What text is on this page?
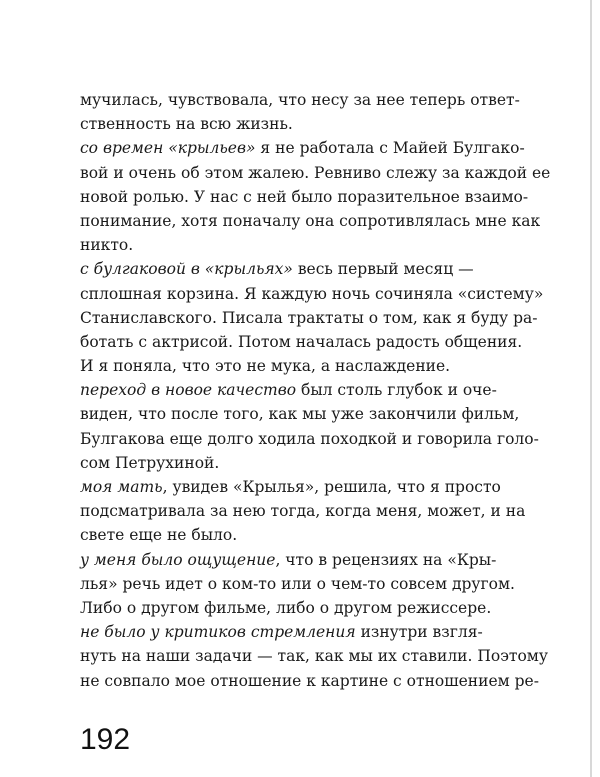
мучилась, чувствовала, что несу за нее теперь ответ-
ственность на всю жизнь.
со времен «крыльев» я не работала с Майей Булгако-
вой и очень об этом жалею. Ревниво слежу за каждой ее
новой ролью. У нас с ней было поразительное взаимо-
понимание, хотя поначалу она сопротивлялась мне как
никто.
с булгаковой в «крыльях» весь первый месяц —
сплошная корзина. Я каждую ночь сочиняла «систему»
Станиславского. Писала трактаты о том, как я буду ра-
ботать с актрисой. Потом началась радость общения.
И я поняла, что это не мука, а наслаждение.
переход в новое качество был столь глубок и оче-
виден, что после того, как мы уже закончили фильм,
Булгакова еще долго ходила походкой и говорила голо-
сом Петрухиной.
моя мать, увидев «Крылья», решила, что я просто
подсматривала за нею тогда, когда меня, может, и на
свете еще не было.
у меня было ощущение, что в рецензиях на «Кры-
лья» речь идет о ком-то или о чем-то совсем другом.
Либо о другом фильме, либо о другом режиссере.
не было у критиков стремления изнутри взгля-
нуть на наши задачи — так, как мы их ставили. Поэтому
не совпало мое отношение к картине с отношением ре-
192
